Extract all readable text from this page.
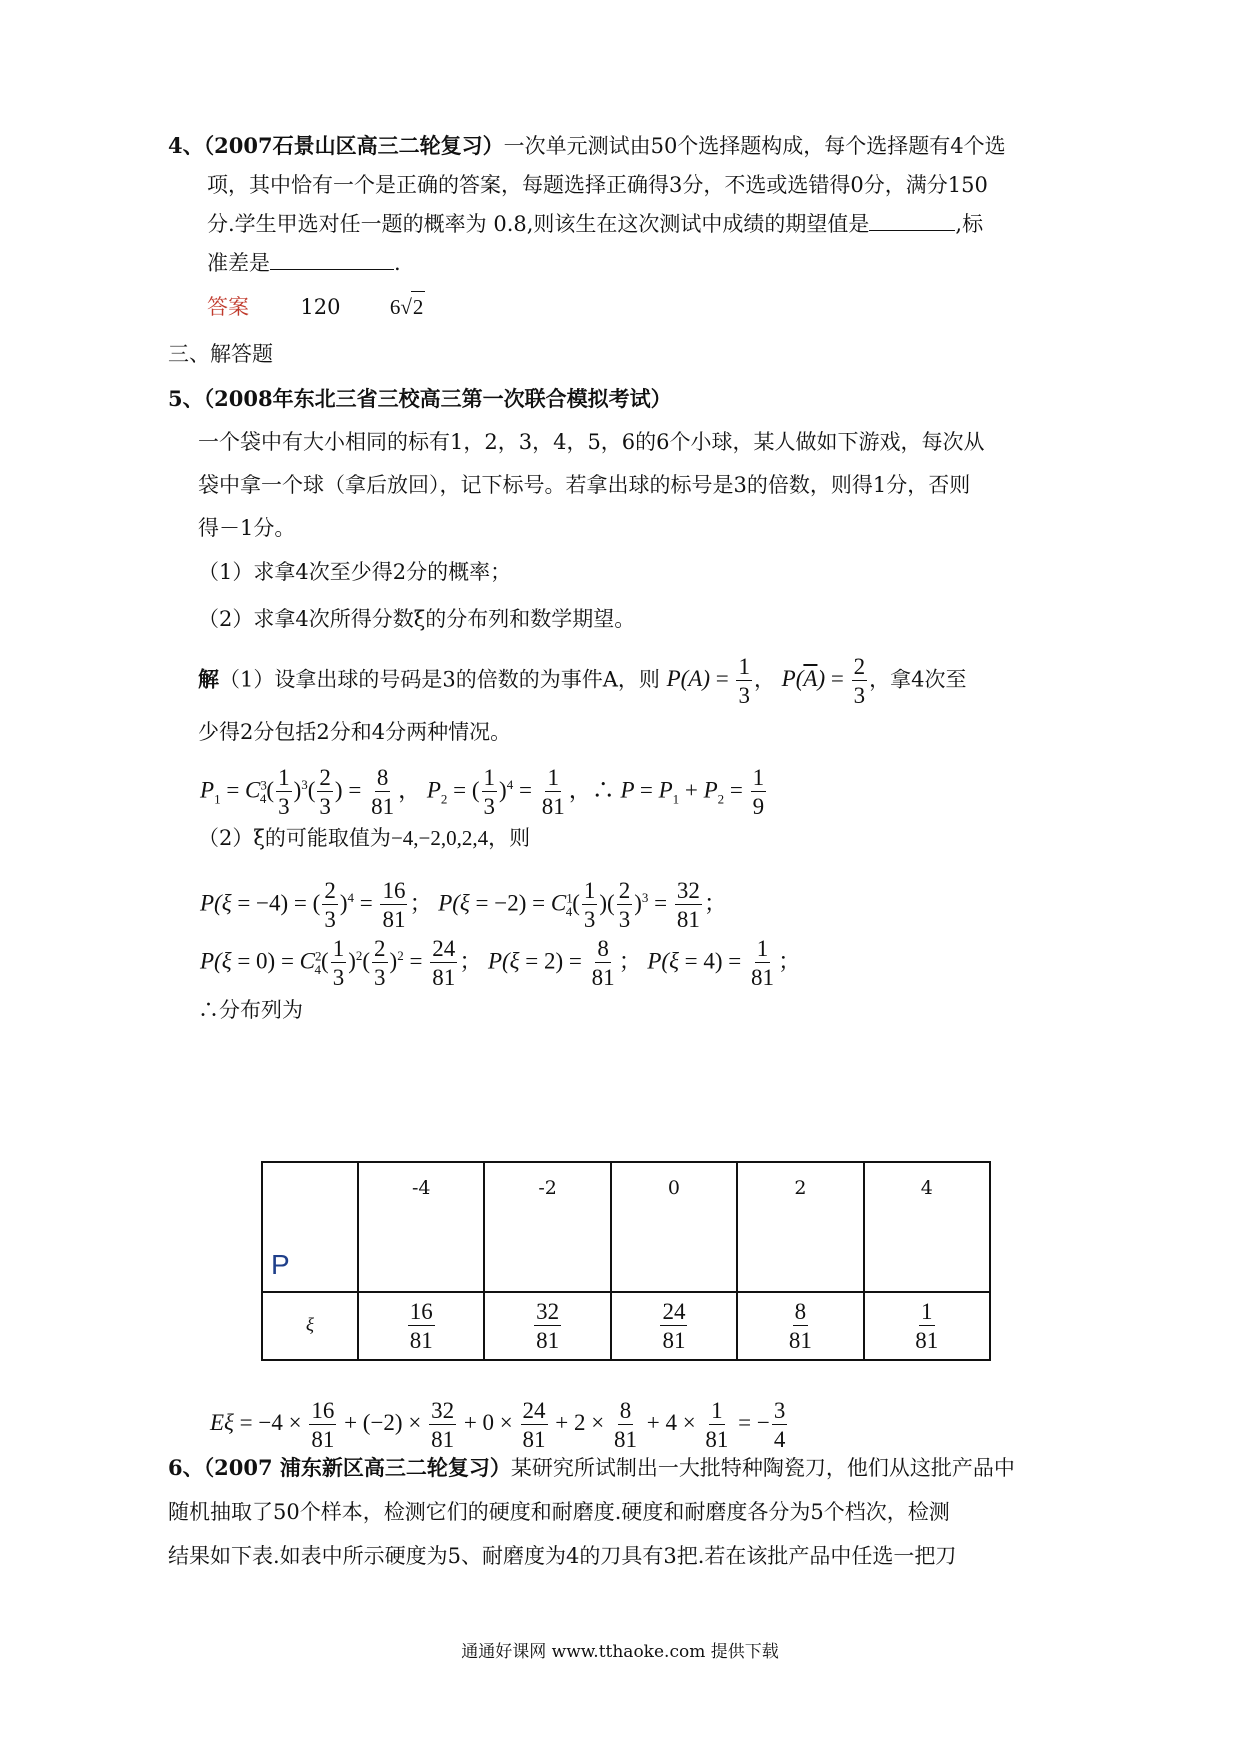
4、（2007石景山区高三二轮复习）一次单元测试由50个选择题构成，每个选择题有4个选
项，其中恰有一个是正确的答案，每题选择正确得3分，不选或选错得0分，满分150
分.学生甲选对任一题的概率为 0.8,则该生在这次测试中成绩的期望值是	,标
准差是	.
答案 120 6√2
三、解答题
5、（2008年东北三省三校高三第一次联合模拟考试）
一个袋中有大小相同的标有1，2，3，4，5，6的6个小球，某人做如下游戏，每次从
袋中拿一个球（拿后放回），记下标号。若拿出球的标号是3的倍数，则得1分，否则
得－1分。
（1）求拿4次至少得2分的概率；
（2）求拿4次所得分数ξ的分布列和数学期望。
解（1）设拿出球的号码是3的倍数的为事件A，则 $P(A) = \frac{1}{3}$ ， $P(\overline{A}) = \frac{2}{3}$ ，拿4次至
少得2分包括2分和4分两种情况。
$P_1 = C^3_4( \frac{1}{3} )^3( \frac{2}{3}$ ) = $\frac{8}{81}$ ， $P_2$ = ( $\frac{1}{3} )^4 = \frac{1}{81}$ ，∴ $P = P_1 + P_2 = \frac{1}{9}$
（2）ξ的可能取值为−4,−2,0,2,4，则
P(ξ = −4) = ( $\frac{2}{3} )^4 = \frac{16}{81}$ ； $P(\xi = -2) = C^1_4( \frac{1}{3}$ )( $\frac{2}{3} )^3 = \frac{32}{81}$ ；
$P(\xi = 0) = C^2_4( \frac{1}{3} )^2( \frac{2}{3} )^2 = \frac{24}{81}$ ； $P(\xi = 2) = \frac{8}{81}$ ； $P(\xi = 4) = \frac{1}{81}$ ；
∴分布列为
P	-4	-2	0	2	4
ξ	$\frac{16}{81}$	$\frac{32}{81}$	$\frac{24}{81}$	$\frac{8}{81}$	$\frac{1}{81}$
$E\xi = -4 \times \frac{16}{81} + (-2) \times \frac{32}{81} + 0 \times \frac{24}{81} + 2 \times \frac{8}{81} + 4 \times \frac{1}{81}$ = − $\frac{3}{4}$
6、（2007 浦东新区高三二轮复习）某研究所试制出一大批特种陶瓷刀，他们从这批产品中
随机抽取了50个样本，检测它们的硬度和耐磨度.硬度和耐磨度各分为5个档次，检测
结果如下表.如表中所示硬度为5、耐磨度为4的刀具有3把.若在该批产品中任选一把刀
通通好课网 www.tthaoke.com 提供下载
